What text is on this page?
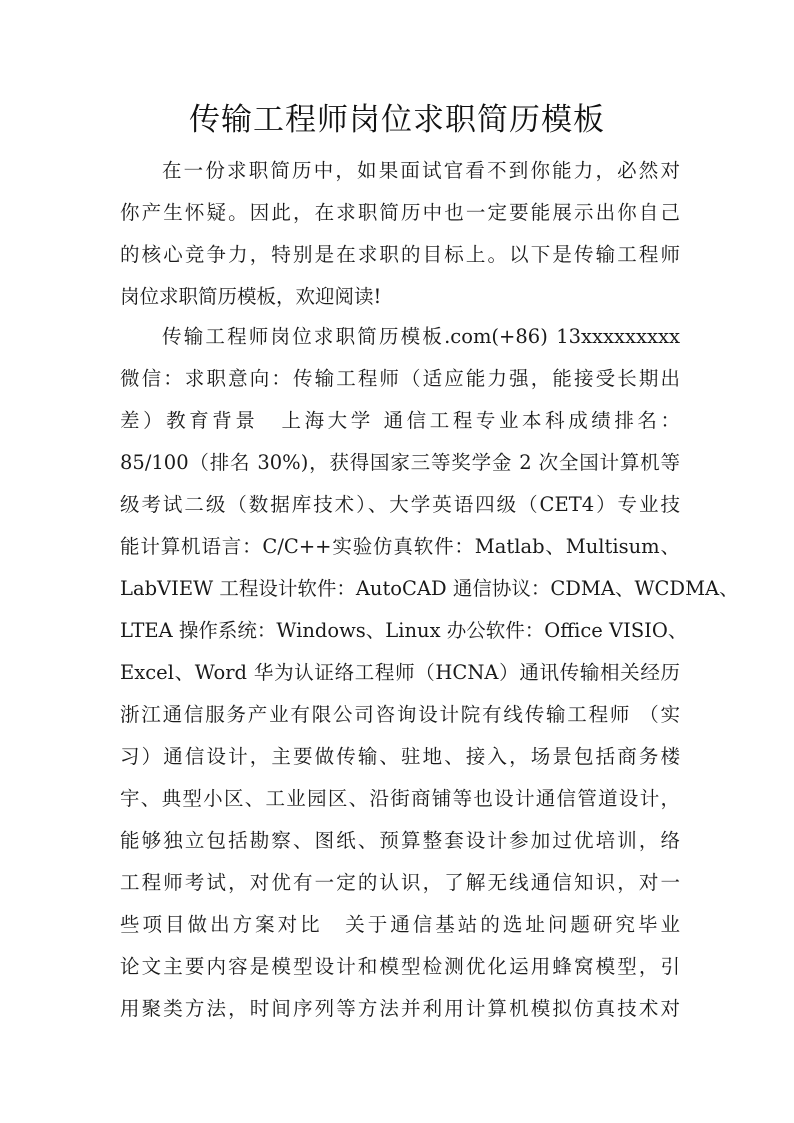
传输工程师岗位求职简历模板
在一份求职简历中，如果面试官看不到你能力，必然对
你产生怀疑。因此，在求职简历中也一定要能展示出你自己
的核心竞争力，特别是在求职的目标上。以下是传输工程师
岗位求职简历模板，欢迎阅读!
传输工程师岗位求职简历模板.com(+86) 13xxxxxxxxx
微信：求职意向：传输工程师（适应能力强，能接受长期出
差）教育背景　上海大学 通信工程专业本科成绩排名：
85/100（排名 30%)，获得国家三等奖学金 2 次全国计算机等
级考试二级（数据库技术）、大学英语四级（CET4）专业技
能计算机语言：C/C++实验仿真软件：Matlab、Multisum、
LabVIEW 工程设计软件：AutoCAD 通信协议：CDMA、WCDMA、
LTEA 操作系统：Windows、Linux 办公软件：Office VISIO、
Excel、Word 华为认证络工程师（HCNA）通讯传输相关经历
浙江通信服务产业有限公司咨询设计院有线传输工程师 （实
习）通信设计，主要做传输、驻地、接入，场景包括商务楼
宇、典型小区、工业园区、沿街商铺等也设计通信管道设计，
能够独立包括勘察、图纸、预算整套设计参加过优培训，络
工程师考试，对优有一定的认识，了解无线通信知识，对一
些项目做出方案对比　关于通信基站的选址问题研究毕业
论文主要内容是模型设计和模型检测优化运用蜂窝模型，引
用聚类方法，时间序列等方法并利用计算机模拟仿真技术对
